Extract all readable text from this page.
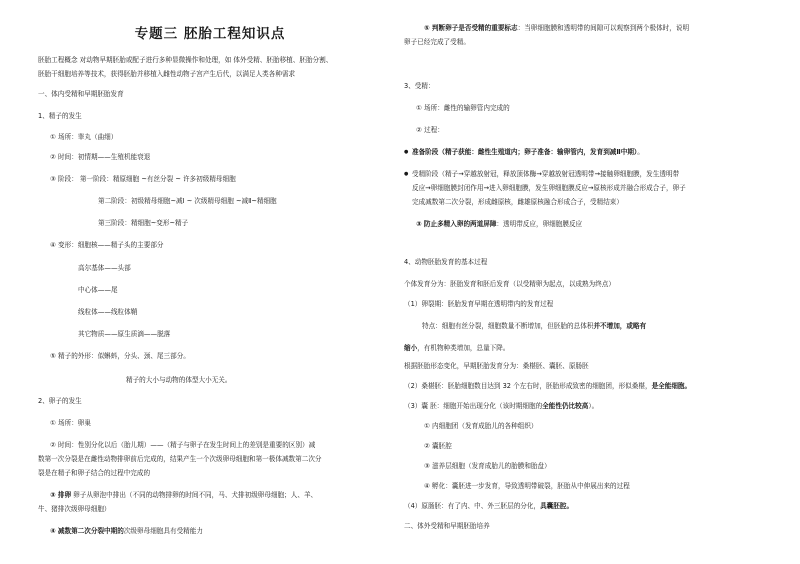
专题三 胚胎工程知识点
胚胎工程概念 对动物早期胚胎或配子进行多种显微操作和处理，如 体外受精、胚胎移植、胚胎分割、
胚胎干细胞培养等技术，获得胚胎并移植入雌性动物子宫产生后代，以满足人类各种需求
一、体内受精和早期胚胎发育
1、精子的发生
① 场所：睾丸（曲细）
② 时间：初情期——生殖机能衰退
③ 阶段： 第一阶段：精原细胞 ~有丝分裂 ~ 许多初级精母细胞
第二阶段：初级精母细胞~减Ⅰ ~ 次级精母细胞 ~减Ⅱ~精细胞
第三阶段：精细胞~变形~精子
④ 变形：细胞核——精子头的主要部分
高尔基体——头部
中心体——尾
线粒体——线粒体鞘
其它物质——原生质滴——脱落
⑤ 精子的外形：似蝌蚪，分头、颈、尾三部分。
精子的大小与动物的体型大小无关。
2、卵子的发生
① 场所：卵巢
② 时间：性别分化以后（胎儿期）——（精子与卵子在发生时间上的差别是重要的区别）减
数第一次分裂是在雌性动物排卵前后完成的，结果产生一个次级卵母细胞和第一极体减数第二次分
裂是在精子和卵子结合的过程中完成的
③ 排卵 卵子从卵泡中排出（不同的动物排卵的时间不同，马、犬排初级卵母细胞；人、羊、
牛、猪排次级卵母细胞）
④ 减数第二次分裂中期的次级卵母细胞具有受精能力
⑤ 判断卵子是否受精的重要标志：当卵细胞膜和透明带的间隙可以观察到两个极体时，说明
卵子已经完成了受精。
3、受精：
① 场所：雌性的输卵管内完成的
② 过程：
● 准备阶段（精子获能：雌性生殖道内；卵子准备：输卵管内，发育到减Ⅱ中期）。
● 受精阶段（精子→穿越放射冠，释放顶体酶→穿越放射冠透明带→接触卵细胞膜，发生透明带
反应→卵细胞膜封闭作用→进入卵细胞膜，发生卵细胞膜反应→原核形成并融合形成合子，卵子
完成减数第二次分裂，形成雌原核，雌雄原核融合形成合子，受精结束）
③ 防止多精入卵的两道屏障：透明带反应，卵细胞膜反应
4、动物胚胎发育的基本过程
个体发育分为：胚胎发育和胚后发育（以受精卵为起点，以成熟为终点）
（1）卵裂期：胚胎发育早期在透明带内的发育过程
特点：细胞有丝分裂，细胞数量不断增加，但胚胎的总体积并不增加，或略有
缩小，有机物种类增加，总量下降。
根据胚胎形态变化，早期胚胎发育分为：桑椹胚、囊胚、原肠胚
（2）桑椹胚：胚胎细胞数目达到 32 个左右时，胚胎形成致密的细胞团，形似桑椹，是全能细胞。
（3）囊 胚：细胞开始出现分化（该时期细胞的全能性仍比较高）。
① 内细胞团（发育成胎儿的各种组织）
② 囊胚腔
③ 滋养层细胞（发育成胎儿的胎膜和胎盘）
④ 孵化：囊胚进一步发育，导致透明带破裂，胚胎从中伸展出来的过程
（4）原肠胚：有了内、中、外三胚层的分化，具囊胚腔。
二、体外受精和早期胚胎培养
